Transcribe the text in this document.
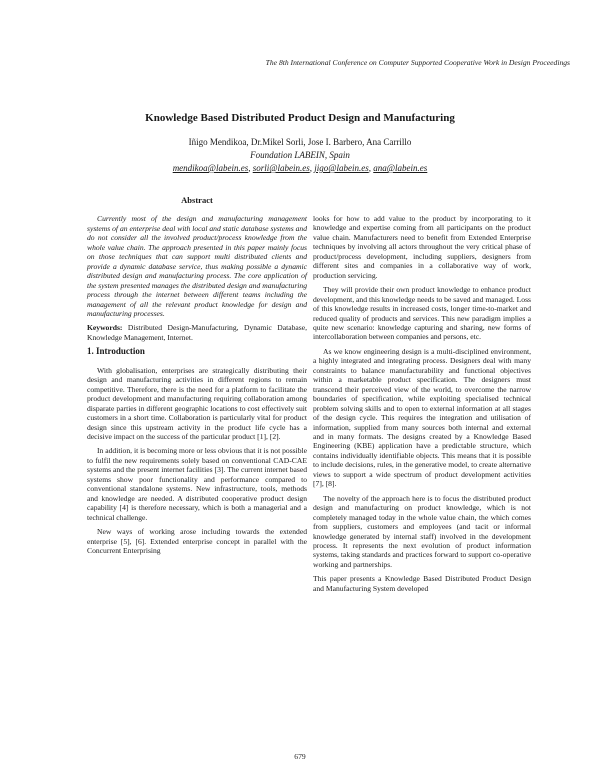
The 8th International Conference on Computer Supported Cooperative Work in Design Proceedings
Knowledge Based Distributed Product Design and Manufacturing
Iñigo Mendikoa, Dr.Mikel Sorli, Jose I. Barbero, Ana Carrillo
Foundation LABEIN, Spain
mendikoa@labein.es, sorli@labein.es, jigo@labein.es, ana@labein.es
Abstract

Currently most of the design and manufacturing management systems of an enterprise deal with local and static database systems and do not consider all the involved product/process knowledge from the whole value chain. The approach presented in this paper mainly focus on those techniques that can support multi distributed clients and provide a dynamic database service, thus making possible a dynamic distributed design and manufacturing process. The core application of the system presented manages the distributed design and manufacturing process through the internet between different teams including the management of all the relevant product knowledge for design and manufacturing processes.

Keywords: Distributed Design-Manufacturing, Dynamic Database, Knowledge Management, Internet.

1. Introduction

With globalisation, enterprises are strategically distributing their design and manufacturing activities in different regions to remain competitive. Therefore, there is the need for a platform to facilitate the product development and manufacturing requiring collaboration among disparate parties in different geographic locations to cost effectively suit customers in a short time. Collaboration is particularly vital for product design since this upstream activity in the product life cycle has a decisive impact on the success of the particular product [1], [2].

In addition, it is becoming more or less obvious that it is not possible to fulfil the new requirements solely based on conventional CAD-CAE systems and the present internet facilities [3]. The current internet based systems show poor functionality and performance compared to conventional standalone systems. New infrastructure, tools, methods and knowledge are needed. A distributed cooperative product design capability [4] is therefore necessary, which is both a managerial and a technical challenge.

New ways of working arose including towards the extended enterprise [5], [6]. Extended enterprise concept in parallel with the Concurrent Enterprising

looks for how to add value to the product by incorporating to it knowledge and expertise coming from all participants on the product value chain. Manufacturers need to benefit from Extended Enterprise techniques by involving all actors throughout the very critical phase of product/process development, including suppliers, designers from different sites and companies in a collaborative way of work, production servicing.

They will provide their own product knowledge to enhance product development, and this knowledge needs to be saved and managed. Loss of this knowledge results in increased costs, longer time-to-market and reduced quality of products and services. This new paradigm implies a quite new scenario: knowledge capturing and sharing, new forms of intercollaboration between companies and persons, etc.

As we know engineering design is a multi-disciplined environment, a highly integrated and integrating process. Designers deal with many constraints to balance manufacturability and functional objectives within a marketable product specification. The designers must transcend their perceived view of the world, to overcome the narrow boundaries of specification, while exploiting specialised technical problem solving skills and to open to external information at all stages of the design cycle. This requires the integration and utilisation of information, supplied from many sources both internal and external and in many formats. The designs created by a Knowledge Based Engineering (KBE) application have a predictable structure, which contains individually identifiable objects. This means that it is possible to include decisions, rules, in the generative model, to create alternative views to support a wide spectrum of product development activities [7], [8].

The novelty of the approach here is to focus the distributed product design and manufacturing on product knowledge, which is not completely managed today in the whole value chain, the which comes from suppliers, customers and employees (and tacit or informal knowledge generated by internal staff) involved in the development process. It represents the next evolution of product information systems, taking standards and practices forward to support co-operative working and partnerships.

This paper presents a Knowledge Based Distributed Product Design and Manufacturing System developed

679
